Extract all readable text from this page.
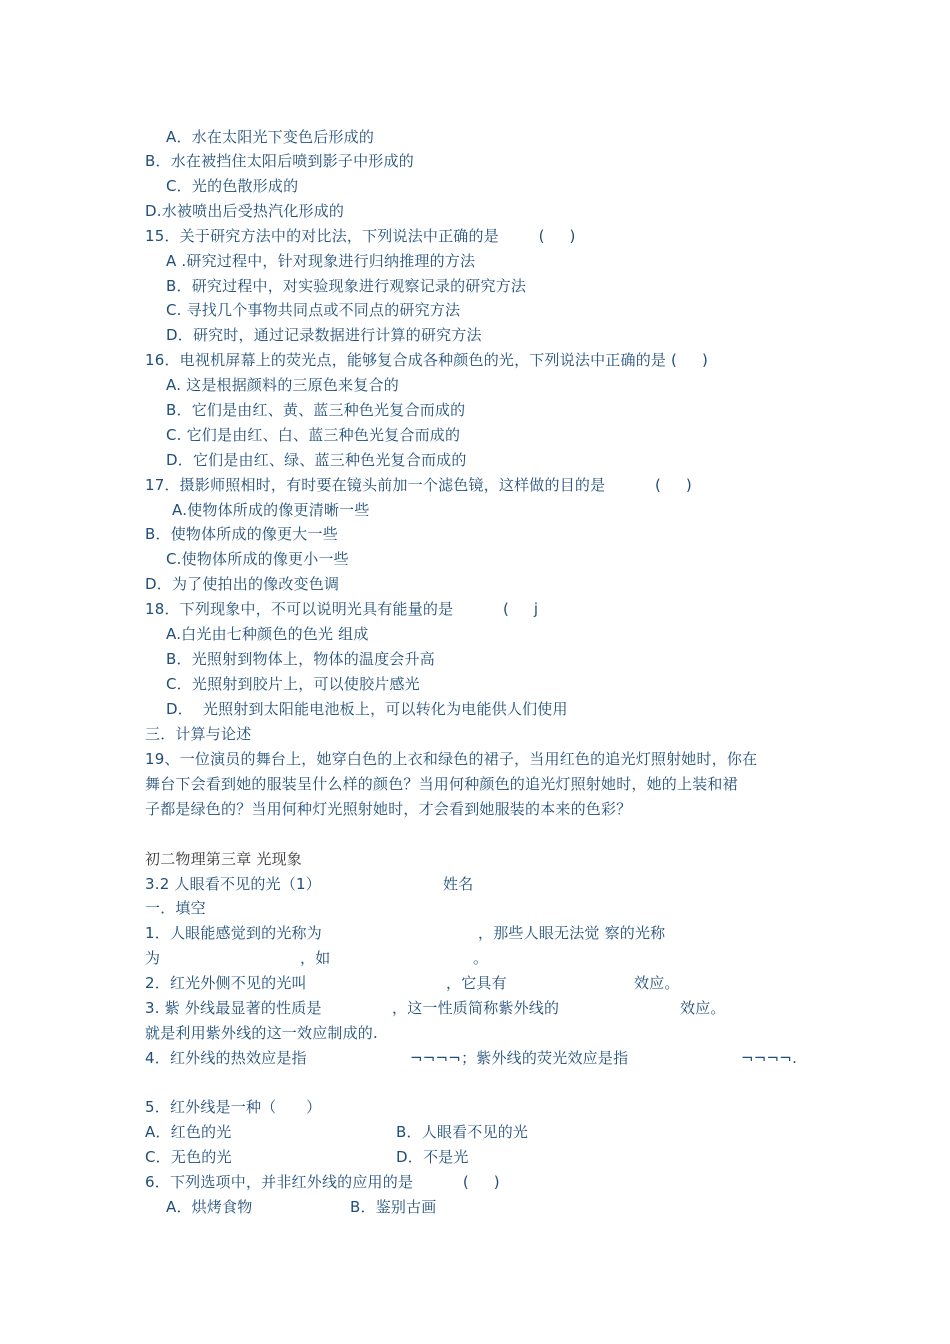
A．水在太阳光下变色后形成的
B．水在被挡住太阳后喷到影子中形成的
C．光的色散形成的
D.水被喷出后受热汽化形成的
15．关于研究方法中的对比法，下列说法中正确的是        (     )
A .研究过程中，针对现象进行归纳推理的方法
B．研究过程中，对实验现象进行观察记录的研究方法
C. 寻找几个事物共同点或不同点的研究方法
D．研究时，通过记录数据进行计算的研究方法
16．电视机屏幕上的荧光点，能够复合成各种颜色的光，下列说法中正确的是 (     )
A. 这是根据颜料的三原色来复合的
B．它们是由红、黄、蓝三种色光复合而成的
C. 它们是由红、白、蓝三种色光复合而成的
D．它们是由红、绿、蓝三种色光复合而成的
17．摄影师照相时，有时要在镜头前加一个滤色镜，这样做的目的是          (     )
A.使物体所成的像更清晰一些
B．使物体所成的像更大一些
C.使物体所成的像更小一些
D．为了使拍出的像改变色调
18．下列现象中，不可以说明光具有能量的是          (     j
A.白光由七种颜色的色光 组成
B．光照射到物体上，物体的温度会升高
C．光照射到胶片上，可以使胶片感光
D．  光照射到太阳能电池板上，可以转化为电能供人们使用
三．计算与论述
19、一位演员的舞台上，她穿白色的上衣和绿色的裙子，当用红色的追光灯照射她时，你在
舞台下会看到她的服装呈什么样的颜色？当用何种颜色的追光灯照射她时，她的上装和裙
子都是绿色的？当用何种灯光照射她时，才会看到她服装的本来的色彩？
初二物理第三章 光现象
3.2 人眼看不见的光（1）	姓名
一．填空
1．人眼能感觉到的光称为	，那些人眼无法觉 察的光称
为	，如	。
2．红光外侧不见的光叫	，它具有	效应。
3. 紫 外线最显著的性质是	，这一性质简称紫外线的	效应。
就是利用紫外线的这一效应制成的.
4．红外线的热效应是指	¬¬¬¬；紫外线的荧光效应是指	¬¬¬¬.
5．红外线是一种（      ）
A．红色的光	B．人眼看不见的光
C．无色的光	D．不是光
6．下列选项中，并非红外线的应用的是          (     )
A．烘烤食物	B．鉴别古画
